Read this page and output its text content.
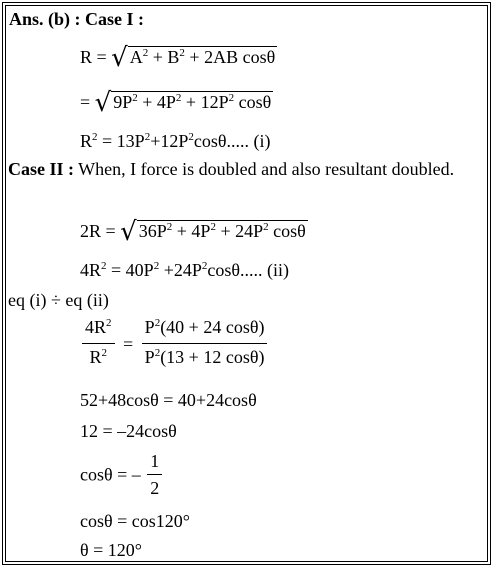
Ans. (b) : Case I :
R = √ $A^2 + B^2 + 2AB$ cosθ
= √ $9P^2 + 4P^2 + 12P^2$ cosθ
$R^2 = 13P^2+12P^2\cos\theta$..... (i)
Case II : When, I force is doubled and also resultant doubled.
2R = √ $36P^2 + 4P^2 + 24P^2$ cosθ
$4R^2 = 40P^2 +24P^2\cos\theta$..... (ii)
eq (i) ÷ eq (ii)
$\frac{4R^2}{R^2} = \frac{P^2(40 + 24 \cos\theta)}{P^2(13 + 12 \cos\theta)}$
52+48cosθ = 40+24cosθ
12 = –24cosθ
cosθ = – $\frac{1}{2}$
cosθ = cos120°
θ = 120°
